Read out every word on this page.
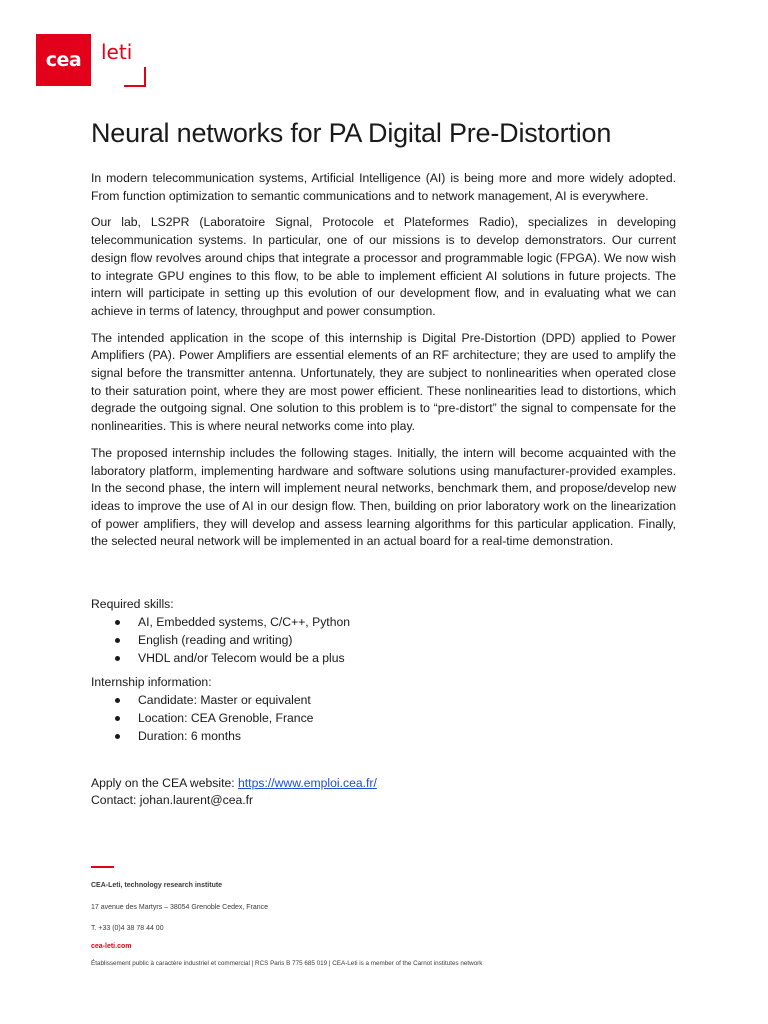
cea leti
Neural networks for PA Digital Pre-Distortion

In modern telecommunication systems, Artificial Intelligence (AI) is being more and more widely adopted. From function optimization to semantic communications and to network management, AI is everywhere.

Our lab, LS2PR (Laboratoire Signal, Protocole et Plateformes Radio), specializes in developing telecommunication systems. In particular, one of our missions is to develop demonstrators. Our current design flow revolves around chips that integrate a processor and programmable logic (FPGA). We now wish to integrate GPU engines to this flow, to be able to implement efficient AI solutions in future projects. The intern will participate in setting up this evolution of our development flow, and in evaluating what we can achieve in terms of latency, throughput and power consumption.

The intended application in the scope of this internship is Digital Pre-Distortion (DPD) applied to Power Amplifiers (PA). Power Amplifiers are essential elements of an RF architecture; they are used to amplify the signal before the transmitter antenna. Unfortunately, they are subject to nonlinearities when operated close to their saturation point, where they are most power efficient. These nonlinearities lead to distortions, which degrade the outgoing signal. One solution to this problem is to “pre-distort” the signal to compensate for the nonlinearities. This is where neural networks come into play.

The proposed internship includes the following stages. Initially, the intern will become acquainted with the laboratory platform, implementing hardware and software solutions using manufacturer-provided examples. In the second phase, the intern will implement neural networks, benchmark them, and propose/develop new ideas to improve the use of AI in our design flow. Then, building on prior laboratory work on the linearization of power amplifiers, they will develop and assess learning algorithms for this particular application. Finally, the selected neural network will be implemented in an actual board for a real-time demonstration.

Required skills:

AI, Embedded systems, C/C++, Python
English (reading and writing)
VHDL and/or Telecom would be a plus

Internship information:

Candidate: Master or equivalent
Location: CEA Grenoble, France
Duration: 6 months

Apply on the CEA website: https://www.emploi.cea.fr/

Contact: johan.laurent@cea.fr

CEA-Leti, technology research institute

17 avenue des Martyrs – 38054 Grenoble Cedex, France

T. +33 (0)4 38 78 44 00

cea-leti.com

Établissement public à caractère industriel et commercial | RCS Paris B 775 685 019 | CEA-Leti is a member of the Carnot institutes network
